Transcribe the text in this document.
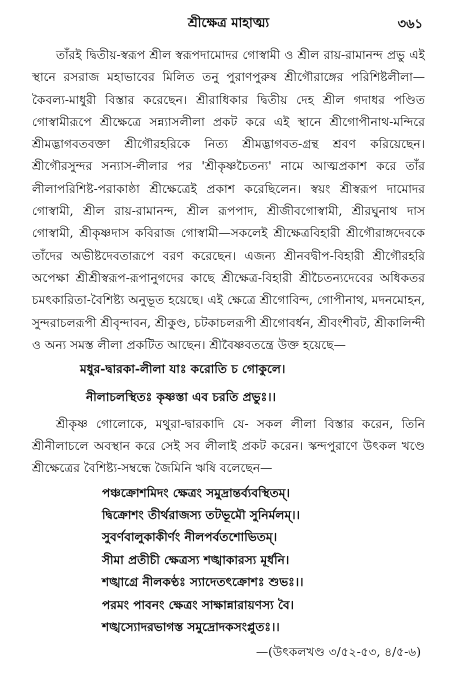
শ্রীক্ষেত্র মাহাত্ম্য	৩৬১

তাঁরই দ্বিতীয়-স্বরূপ শ্রীল স্বরূপদামোদর গোস্বামী ও শ্রীল রায়-রামানন্দ প্রভু এই স্থানে রসরাজ মহাভাবের মিলিত তনু পুরাণপুরুষ শ্রীগৌরাঙ্গের পরিশিষ্টলীলা—কৈবল্য-মাধুরী বিস্তার করেছেন। শ্রীরাধিকার দ্বিতীয় দেহ শ্রীল গদাধর পণ্ডিত গোস্বামীরূপে শ্রীক্ষেত্রে সন্ন্যাসলীলা প্রকট করে এই স্থানে শ্রীগোপীনাথ-মন্দিরে শ্রীমদ্ভাগবতবক্তা শ্রীগৌরহরিকে নিত্য শ্রীমদ্ভাগবত-গ্রন্থ শ্রবণ করিয়েছেন। শ্রীগৌরসুন্দর সন্যাস-লীলার পর 'শ্রীকৃষ্ণচৈতন্য' নামে আত্মপ্রকাশ করে তাঁর লীলাপরিশিষ্ট-পরাকাষ্ঠা শ্রীক্ষেত্রেই প্রকাশ করেছিলেন। স্বয়ং শ্রীস্বরূপ দামোদর গোস্বামী, শ্রীল রায়-রামানন্দ, শ্রীল রূপপাদ, শ্রীজীবগোস্বামী, শ্রীরঘুনাথ দাস গোস্বামী, শ্রীকৃষ্ণদাস কবিরাজ গোস্বামী—সকলেই শ্রীক্ষেত্রবিহারী শ্রীগৌরাঙ্গদেবকে তাঁদের অভীষ্টদেবতারূপে বরণ করেছেন। এজন্য শ্রীনবদ্বীপ-বিহারী শ্রীগৌরহরি অপেক্ষা শ্রীশ্রীস্বরূপ-রূপানুগদের কাছে শ্রীক্ষেত্র-বিহারী শ্রীচৈতন্যদেবের অধিকতর চমৎকারিতা-বৈশিষ্ট্য অনুভূত হয়েছে। এই ক্ষেত্রে শ্রীগোবিন্দ, গোপীনাথ, মদনমোহন, সুন্দরাচলরূপী শ্রীবৃন্দাবন, শ্রীকুণ্ড, চটকাচলরূপী শ্রীগোবর্ধন, শ্রীবংশীবট, শ্রীকালিন্দী ও অন্য সমস্ত লীলা প্রকটিত আছেন। শ্রীবৈষ্ণবতন্ত্রে উক্ত হয়েছে—

মধুর-দ্বারকা-লীলা যাঃ করোতি চ গোকুলে।

নীলাচলস্থিতঃ কৃষ্ণস্তা এব চরতি প্রভুঃ।।

শ্রীকৃষ্ণ গোলোকে, মথুরা-দ্বারকাদি যে- সকল লীলা বিস্তার করেন, তিনি শ্রীনীলাচলে অবস্থান করে সেই সব লীলাই প্রকট করেন। স্কন্দপুরাণে উৎকল খণ্ডে শ্রীক্ষেত্রের বৈশিষ্ট্য-সম্বন্ধে জৈমিনি ঋষি বলেছেন—

পঞ্চক্রোশমিদং ক্ষেত্রং সমুদ্রান্তর্ব্যবস্থিতম্।

দ্বিক্রোশং তীর্থরাজস্য তটভূমৌ সুনির্মলম্।।

সুবর্ণবালুকাকীর্ণং নীলপর্বতশোভিতম্।

সীমা প্রতীচী ক্ষেত্রস্য শঙ্খাকারস্য মূর্ধনি।

শঙ্খাগ্রে নীলকণ্ঠঃ স্যাদেতৎক্রোশঃ শুভঃ।।

পরমং পাবনং ক্ষেত্রং সাক্ষান্নারায়ণস্য বৈ।

শঙ্খস্যোদরভাগস্ত সমুদ্রোদকসংপ্লুতঃ।।

—(উৎকলখণ্ড ৩/৫২-৫৩, ৪/৫-৬)
